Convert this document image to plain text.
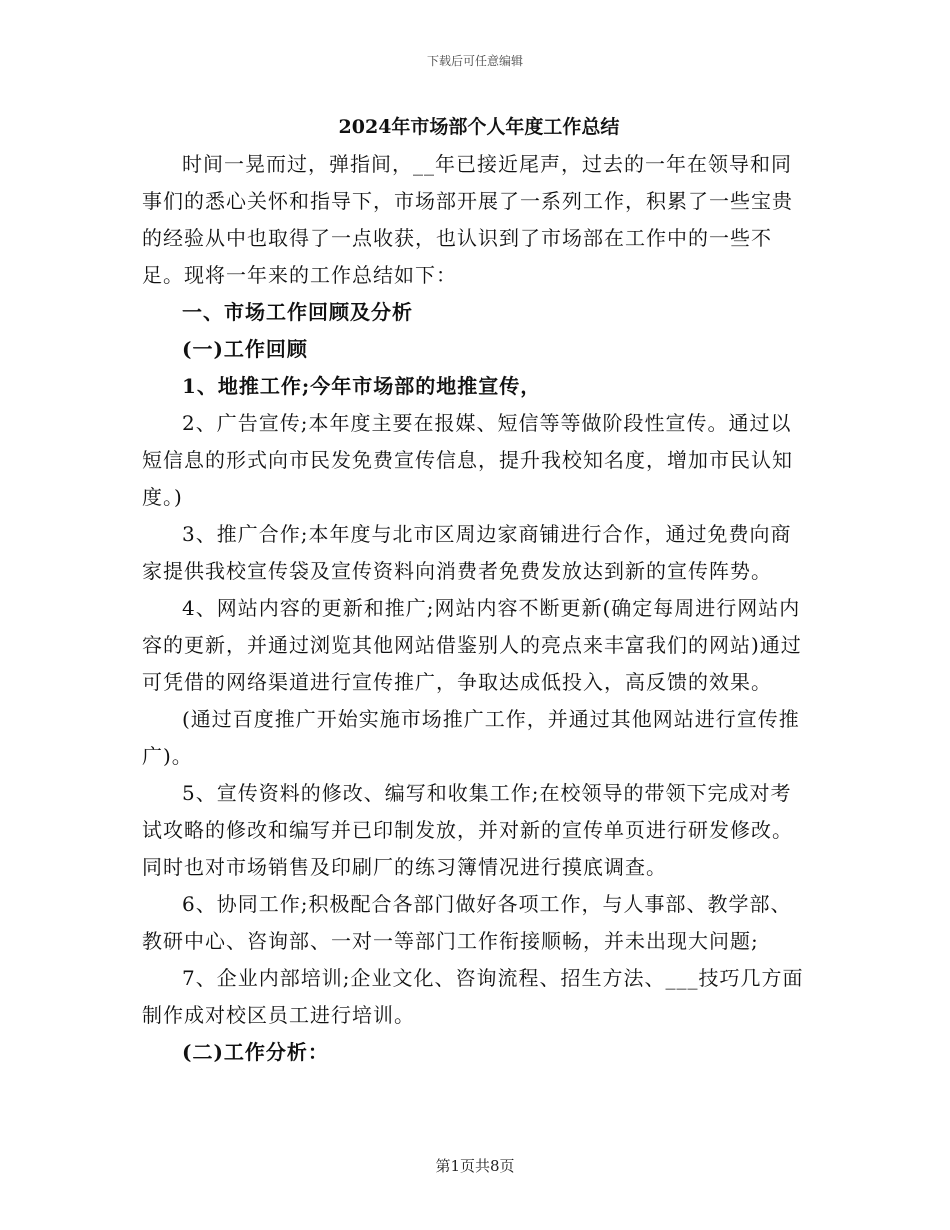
下载后可任意编辑

2024年市场部个人年度工作总结

时间一晃而过，弹指间，__年已接近尾声，过去的一年在领导和同事们的悉心关怀和指导下，市场部开展了一系列工作，积累了一些宝贵的经验从中也取得了一点收获，也认识到了市场部在工作中的一些不足。现将一年来的工作总结如下：

一、市场工作回顾及分析

(一)工作回顾

1、地推工作;今年市场部的地推宣传，

2、广告宣传;本年度主要在报媒、短信等等做阶段性宣传。通过以短信息的形式向市民发免费宣传信息，提升我校知名度，增加市民认知度。)

3、推广合作;本年度与北市区周边家商铺进行合作，通过免费向商家提供我校宣传袋及宣传资料向消费者免费发放达到新的宣传阵势。

4、网站内容的更新和推广;网站内容不断更新(确定每周进行网站内容的更新，并通过浏览其他网站借鉴别人的亮点来丰富我们的网站)通过可凭借的网络渠道进行宣传推广，争取达成低投入，高反馈的效果。

(通过百度推广开始实施市场推广工作，并通过其他网站进行宣传推广)。

5、宣传资料的修改、编写和收集工作;在校领导的带领下完成对考试攻略的修改和编写并已印制发放，并对新的宣传单页进行研发修改。同时也对市场销售及印刷厂的练习簿情况进行摸底调查。

6、协同工作;积极配合各部门做好各项工作，与人事部、教学部、教研中心、咨询部、一对一等部门工作衔接顺畅，并未出现大问题;

7、企业内部培训;企业文化、咨询流程、招生方法、___技巧几方面制作成对校区员工进行培训。

(二)工作分析：

第1页共8页
